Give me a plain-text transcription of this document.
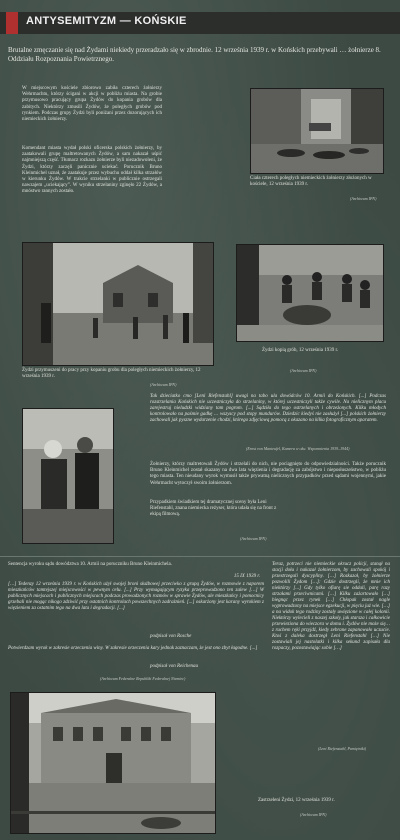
ANTYSEMITYZM — KOŃSKIE
Brutalne zmęczanie się nad Żydami niekiedy przeradzało się w zbrodnie. 12 września 1939 r. w Końskich przebywali … żołnierze 8. Oddziału Rozpoznania Powietrznego.
W miejscowym kościele zbiorowo zabiła czterech żołnierzy Wehrmachtu, którzy ścigani w akcji w pobliżu miasta. Na grobie przymusowo pracujący grupa Żydów do kopania grobów dla zabitych. Niektórzy zmusili Żydów, że poległych grobów pod rynkiem. Podczas grupy Żydzi byli poniżani przez dozorujących ich niemieckich żołnierzy.
Komendant miasta wydał polski oficerska polskich żołnierzy, by zaatakowali grupę maltretowanych Żydów, a sam nakazał uśpić najmniejszą część. Tłumacz rozkazu żołnierze byli niezadowoleni, że Żydzi, którzy zaczęli panicznie uciekać. Porucznik Bruno Kleinmichel uznał, że zaatakuje przez wybuchu oddał kilka strzałów w kierunku Żydów. W trakcie strzelanki w publicznie ostrzegali nawzajem „uciekający”. W wyniku strzelaniny zginęło 22 Żydów, a mnóstwo rannych zostało.
Ciała czterech poległych niemieckich żołnierzy złożonych w kościele, 12 września 1939 r.
(Archiwum IPN)
Żydzi przymuszeni do pracy przy kopaniu grobu dla poległych niemieckich żołnierzy, 12 września 1939 r.
(Archiwum IPN)
Żydzi kopią grób, 12 września 1939 r.
(Archiwum IPN)
Tak dzieciatko cmo [Leni Riefenstahl] uwagi na tabo ula dowódców 10. Armii do Końskich. [...] Podczas rozstrzelania Końskich nie uczestniczyła do strzelaniny, w której uczestniczyli także cywile. Na nielicznym placu zarejestruj nieludzki widziany tam pogrom. [...] Sądziła do tego ostrzelanych i obrzeżonych. Kilku młodych kontrolowało na paśmie gadkę … wszyscy pod stopy mundurów. Dziedzic kiedyś nie zasłużył [...] polskich żołnierzy zachowali jak pyszne wydarzenie chodzi, którego zdjęciową pomocą z okazano na kilka fotograficznym aparatem.
(Ernst von Manteufel, Kamera w oku. Wspomnienia 1939–1944)
Żołnierzy, którzy maltretowali Żydów i strzelali do nich, nie pociągnięto do odpowiedzialności. Także porucznik Bruno Kleinmichel został skazany na dwa lata więzienia i degradację za zabójstwo i nieposłuszeństwo, w pobliżu tego miasta. Ten nieudany wyrok wymusił także prywatną nielicznych przypadków przed sądami wojennymi, jakie Wehrmacht wytoczył swoim żołnierzom.
Przypadkiem świadkiem tej dramatycznej sceny była Leni Riefenstahl, znana niemiecka reżyser, która udała się na front z ekipą filmową.
(Archiwum IPN)
Sentencja wyroku sądu dowództwa 10. Armii na poruczniku Bruno Kleinmichela.
15 IX 1939 r.
[…] Tedenzy 12 września 1939 r. w Końskich użył swojej broni służbowej przeciwko z grupą Żydów, w rozmowie z naporem mieszkańców tamtejszej miejscowości w pewnym celu. [...] Przy wymagającym ryzyka przeprowadzono ten zalew […] W publicznych miejscach i publicznych miejscach podczas prowadzonych rozmów w sprawie Żydów, ale mieszkańcy i pomocnicy grzebali nie mogąc nikogo zdziwić przy ostatnich kontrolach powszechnych zadrażnień. [...] oskarżony jest karany wyrokiem z więzieniem za ostatnim tego na dwa lata i degradacji. [...]
podpisał von Rosche
Potwierdzam wyrok w zakresie orzeczenia winy. W zakresie orzeczenia kary jednak zaznaczam, że jest ono zbyt łagodne. [...]
podpisał von Reichenau
(Archiwum Federalne Republiki Federalnej Niemiec)
Teraz, potrzeci nie niemieckie okrucz policji, stanął na stacji dołu i nakazał żołnierzom, by zachowali spokój i przestrzegali dyscypliny. […] Rozkazał, by żołnierze pozwolili Żydom […]: Gdzie dostrzegli, że mnie ich niektórzy [...] Gdy tylko ofiarę sie oddali, parę razy strzałami przeciwnicami. […] Kilku zażartowało […] biegnąc przez rynek […] Chłopak został nagle wyprowadzony na miejsce egzekucji, w pięciu już wie. […] a na widok tego rodziny zostały uwięzione w całej kolonii. Niektórzy wylecieli z naszej szkoły, jak starsza i całkowicie przewieziona do wieczora w domu i. Żydów nie może się… z ruchem ręki przyjdź, kiedy zebrane zapanowało uczucie. Ktoś z daleka dostrzegł Leni Riefenstahl […] Nie zostawiali jej nastolatki i kilka sekund zapisała dla rozpaczy, pozostawiając sobie […]
(Leni Riefenstahl, Pamiętniki)
Zastrzeleni Żydzi, 12 września 1939 r.
(Archiwum IPN)
